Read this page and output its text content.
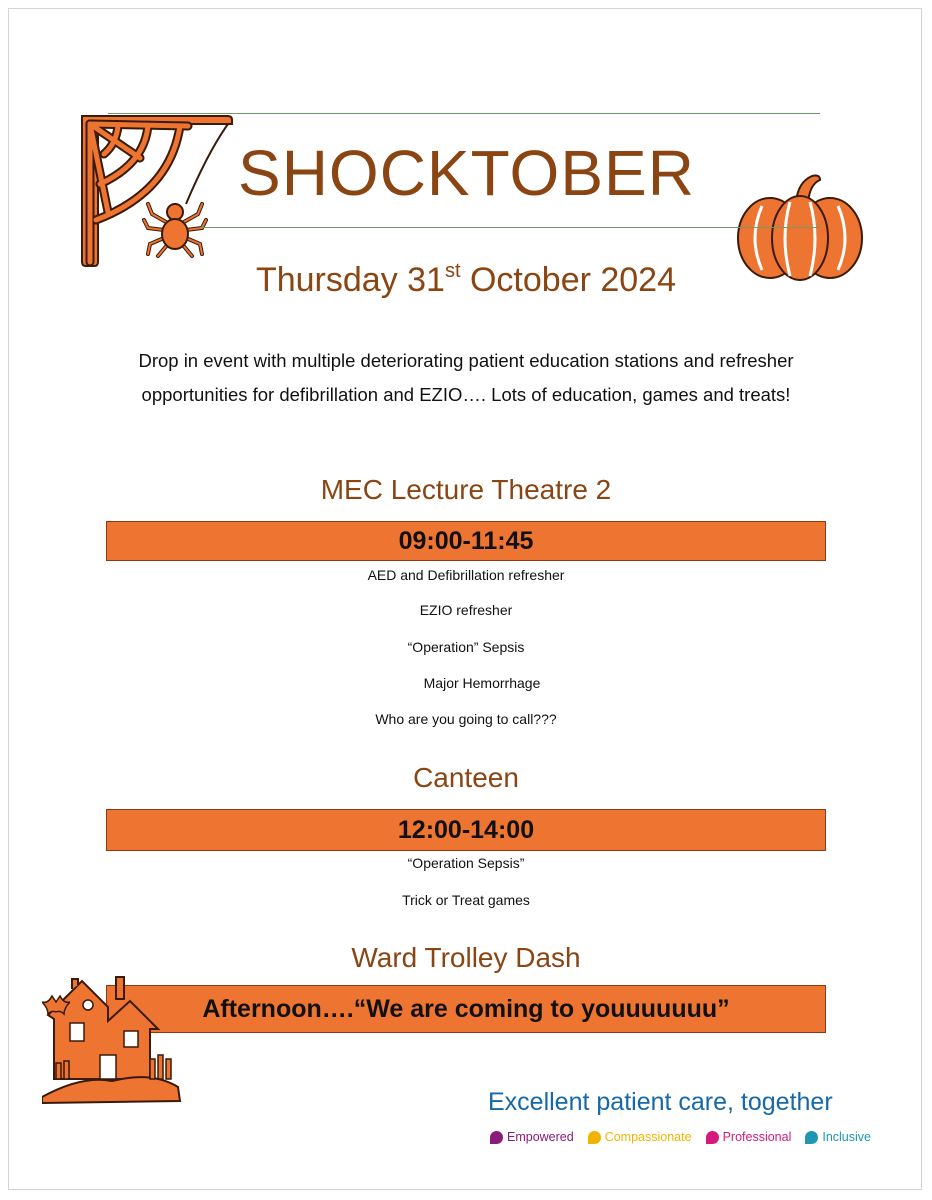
SHOCKTOBER
Thursday 31st October 2024
Drop in event with multiple deteriorating patient education stations and refresher opportunities for defibrillation and EZIO…. Lots of education, games and treats!
MEC Lecture Theatre 2
09:00-11:45
AED and Defibrillation refresher
EZIO refresher
“Operation” Sepsis
Major Hemorrhage
Who are you going to call???
Canteen
12:00-14:00
“Operation Sepsis”
Trick or Treat games
Ward Trolley Dash
Afternoon….“We are coming to youuuuuuu”
Excellent patient care, together
Empowered Compassionate Professional Inclusive
